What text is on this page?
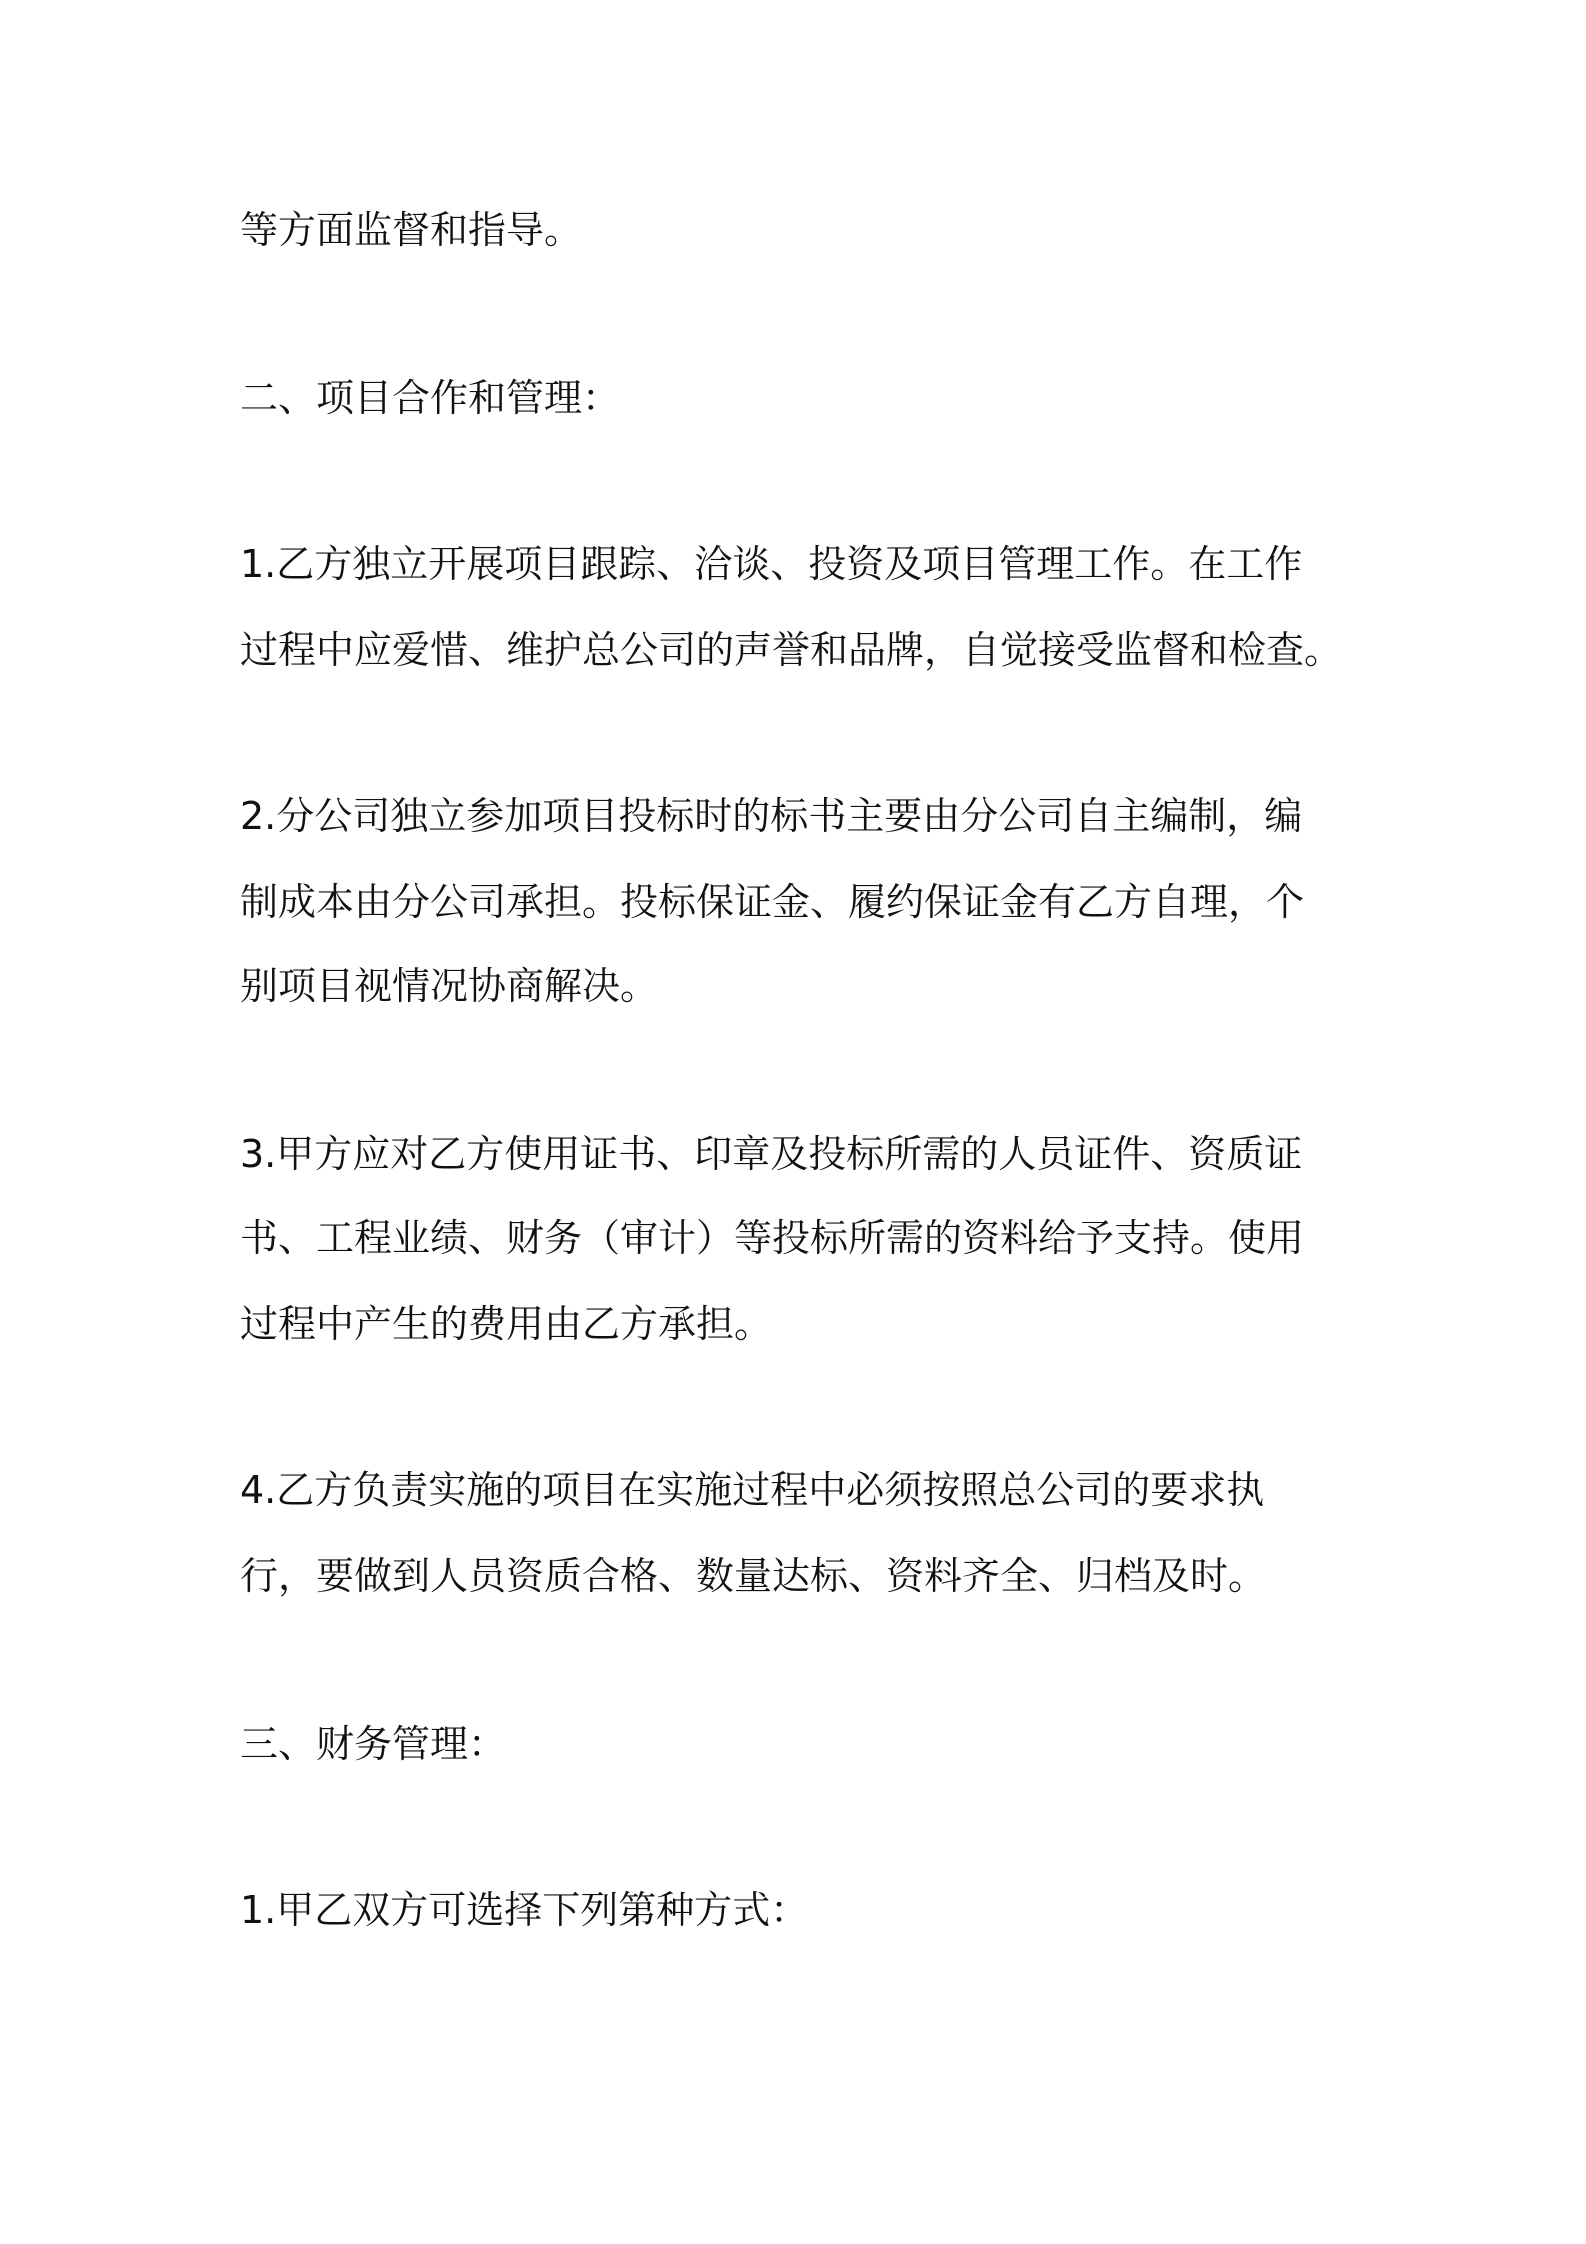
等方面监督和指导。

二、项目合作和管理：

1.乙方独立开展项目跟踪、洽谈、投资及项目管理工作。在工作

过程中应爱惜、维护总公司的声誉和品牌，自觉接受监督和检查。

2.分公司独立参加项目投标时的标书主要由分公司自主编制，编

制成本由分公司承担。投标保证金、履约保证金有乙方自理，个

别项目视情况协商解决。

3.甲方应对乙方使用证书、印章及投标所需的人员证件、资质证

书、工程业绩、财务（审计）等投标所需的资料给予支持。使用

过程中产生的费用由乙方承担。

4.乙方负责实施的项目在实施过程中必须按照总公司的要求执

行，要做到人员资质合格、数量达标、资料齐全、归档及时。

三、财务管理：

1.甲乙双方可选择下列第种方式：
